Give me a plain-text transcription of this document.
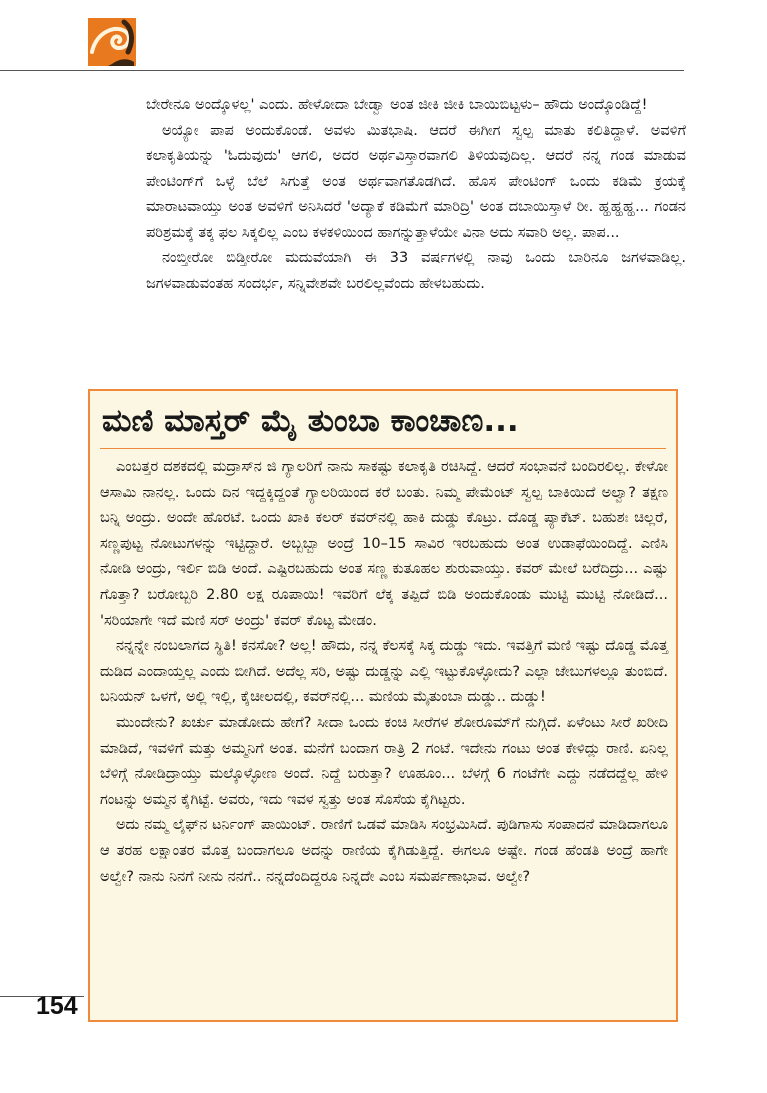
ಬೇರೇನೂ ಅಂದ್ಕೊಳಲ್ಲ' ಎಂದು. ಹೇಳೋದಾ ಬೇಡ್ವಾ ಅಂತ ಜೀಕಿ ಜೀಕಿ ಬಾಯಿಬಿಟ್ಟಳು– ಹೌದು ಅಂದ್ಕೊಂಡಿದ್ದೆ!

ಅಯ್ಯೋ ಪಾಪ ಅಂದುಕೊಂಡೆ. ಅವಳು ಮಿತಭಾಷಿ. ಆದರೆ ಈಗೀಗ ಸ್ವಲ್ಪ ಮಾತು ಕಲಿತಿದ್ದಾಳೆ. ಅವಳಿಗೆ ಕಲಾಕೃತಿಯನ್ನು 'ಓದುವುದು' ಆಗಲಿ, ಅದರ ಅರ್ಥವಿಸ್ತಾರವಾಗಲಿ ತಿಳಿಯವುದಿಲ್ಲ. ಆದರೆ ನನ್ನ ಗಂಡ ಮಾಡುವ ಪೇಂಟಿಂಗ್‌ಗೆ ಒಳ್ಳೆ ಬೆಲೆ ಸಿಗುತ್ತೆ ಅಂತ ಅರ್ಥವಾಗತೊಡಗಿದೆ. ಹೊಸ ಪೇಂಟಿಂಗ್ ಒಂದು ಕಡಿಮೆ ಕ್ರಯಕ್ಕೆ ಮಾರಾಟವಾಯ್ತು ಅಂತ ಅವಳಿಗೆ ಅನಿಸಿದರೆ 'ಅದ್ಯಾಕೆ ಕಡಿಮೆಗೆ ಮಾರಿದ್ರಿ' ಅಂತ ದಬಾಯಿಸ್ತಾಳೆ ರೀ. ಹ್ಹಹ್ಹಹ್ಹ... ಗಂಡನ ಪರಿಶ್ರಮಕ್ಕೆ ತಕ್ಕ ಫಲ ಸಿಕ್ಕಲಿಲ್ಲ ಎಂಬ ಕಳಕಳಿಯಿಂದ ಹಾಗನ್ನುತ್ತಾಳೆಯೇ ವಿನಾ ಅದು ಸವಾರಿ ಅಲ್ಲ. ಪಾಪ...

ನಂಬ್ತೀರೋ ಬಿಡ್ತೀರೋ ಮದುವೆಯಾಗಿ ಈ 33 ವರ್ಷಗಳಲ್ಲಿ ನಾವು ಒಂದು ಬಾರಿನೂ ಜಗಳವಾಡಿಲ್ಲ. ಜಗಳವಾಡುವಂತಹ ಸಂದರ್ಭ, ಸನ್ನಿವೇಶವೇ ಬರಲಿಲ್ಲವೆಂದು ಹೇಳಬಹುದು.

ಮಣಿ ಮಾಸ್ತರ್ ಮೈ ತುಂಬಾ ಕಾಂಚಾಣ...

ಎಂಬತ್ತರ ದಶಕದಲ್ಲಿ ಮದ್ರಾಸ್‌ನ ಜಿ ಗ್ಯಾಲರಿಗೆ ನಾನು ಸಾಕಷ್ಟು ಕಲಾಕೃತಿ ರಚಿಸಿದ್ದೆ. ಆದರೆ ಸಂಭಾವನೆ ಬಂದಿರಲಿಲ್ಲ. ಕೇಳೋ ಆಸಾಮಿ ನಾನಲ್ಲ. ಒಂದು ದಿನ ಇದ್ದಕ್ಕಿದ್ದಂತೆ ಗ್ಯಾಲರಿಯಿಂದ ಕರೆ ಬಂತು. ನಿಮ್ಮ ಪೇಮೆಂಟ್ ಸ್ವಲ್ಪ ಬಾಕಿಯಿದೆ ಅಲ್ವಾ? ತಕ್ಷಣ ಬನ್ನಿ ಅಂದ್ರು. ಅಂದೇ ಹೊರಟೆ. ಒಂದು ಖಾಕಿ ಕಲರ್ ಕವರ್‌ನಲ್ಲಿ ಹಾಕಿ ದುಡ್ಡು ಕೊಟ್ರು. ದೊಡ್ಡ ಪ್ಯಾಕೆಟ್. ಬಹುಶಃ ಚಿಲ್ಲರೆ, ಸಣ್ಣಪುಟ್ಟ ನೋಟುಗಳನ್ನು ಇಟ್ಟಿದ್ದಾರೆ. ಅಬ್ಬಬ್ಬಾ ಅಂದ್ರೆ 10–15 ಸಾವಿರ ಇರಬಹುದು ಅಂತ ಉಡಾಫೆಯಿಂದಿದ್ದೆ. ಎಣಿಸಿ ನೋಡಿ ಅಂದ್ರು, ಇರ್ಲಿ ಬಿಡಿ ಅಂದೆ. ಎಷ್ಟಿರಬಹುದು ಅಂತ ಸಣ್ಣ ಕುತೂಹಲ ಶುರುವಾಯ್ತು. ಕವರ್ ಮೇಲೆ ಬರೆದಿದ್ರು... ಎಷ್ಟು ಗೊತ್ತಾ? ಬರೋಬ್ಬರಿ 2.80 ಲಕ್ಷ ರೂಪಾಯಿ! ಇವರಿಗೆ ಲೆಕ್ಕ ತಪ್ಪಿದೆ ಬಿಡಿ ಅಂದುಕೊಂಡು ಮುಟ್ಟಿ ಮುಟ್ಟಿ ನೋಡಿದೆ... 'ಸರಿಯಾಗೇ ಇದೆ ಮಣಿ ಸರ್ ಅಂದ್ರು' ಕವರ್ ಕೊಟ್ಟ ಮೇಡಂ.

ನನ್ನನ್ನೇ ನಂಬಲಾಗದ ಸ್ಥಿತಿ! ಕನಸೋ? ಅಲ್ಲ! ಹೌದು, ನನ್ನ ಕೆಲಸಕ್ಕೆ ಸಿಕ್ಕ ದುಡ್ಡು ಇದು. ಇವತ್ತಿಗೆ ಮಣಿ ಇಷ್ಟು ದೊಡ್ಡ ಮೊತ್ತ ದುಡಿದ ಎಂದಾಯ್ತಲ್ಲ ಎಂದು ಬೀಗಿದೆ. ಅದೆಲ್ಲ ಸರಿ, ಅಷ್ಟು ದುಡ್ಡನ್ನು ಎಲ್ಲಿ ಇಟ್ಟುಕೊಳ್ಳೋದು? ಎಲ್ಲಾ ಜೇಬುಗಳಲ್ಲೂ ತುಂಬಿದೆ. ಬನಿಯನ್ ಒಳಗೆ, ಅಲ್ಲಿ ಇಲ್ಲಿ, ಕೈಚೀಲದಲ್ಲಿ, ಕವರ್‌ನಲ್ಲಿ... ಮಣಿಯ ಮೈತುಂಬಾ ದುಡ್ಡು.. ದುಡ್ಡು!

ಮುಂದೇನು? ಖರ್ಚು ಮಾಡೋದು ಹೇಗೆ? ಸೀದಾ ಒಂದು ಕಂಚಿ ಸೀರೆಗಳ ಶೋರೂಮ್‌ಗೆ ನುಗ್ಗಿದೆ. ಏಳೆಂಟು ಸೀರೆ ಖರೀದಿ ಮಾಡಿದೆ, ಇವಳಿಗೆ ಮತ್ತು ಅಮ್ಮನಿಗೆ ಅಂತ. ಮನೆಗೆ ಬಂದಾಗ ರಾತ್ರಿ 2 ಗಂಟೆ. ಇದೇನು ಗಂಟು ಅಂತ ಕೇಳಿದ್ಲು ರಾಣಿ. ಏನಿಲ್ಲ ಬೆಳಿಗ್ಗೆ ನೋಡಿದ್ರಾಯ್ತು ಮಲ್ಕೊಳ್ಳೋಣ ಅಂದೆ. ನಿದ್ದೆ ಬರುತ್ತಾ? ಊಹೂಂ... ಬೆಳಗ್ಗೆ 6 ಗಂಟೆಗೇ ಎದ್ದು ನಡೆದದ್ದೆಲ್ಲ ಹೇಳಿ ಗಂಟನ್ನು ಅಮ್ಮನ ಕೈಗಿಟ್ಟೆ. ಅವರು, ಇದು ಇವಳ ಸ್ವತ್ತು ಅಂತ ಸೊಸೆಯ ಕೈಗಿಟ್ಟರು.

ಅದು ನಮ್ಮ ಲೈಫ್‌ನ ಟರ್ನಿಂಗ್ ಪಾಯಿಂಟ್. ರಾಣಿಗೆ ಒಡವೆ ಮಾಡಿಸಿ ಸಂಭ್ರಮಿಸಿದೆ. ಪುಡಿಗಾಸು ಸಂಪಾದನೆ ಮಾಡಿದಾಗಲೂ ಆ ತರಹ ಲಕ್ಷಾಂತರ ಮೊತ್ತ ಬಂದಾಗಲೂ ಅದನ್ನು ರಾಣಿಯ ಕೈಗಿಡುತ್ತಿದ್ದೆ. ಈಗಲೂ ಅಷ್ಟೇ. ಗಂಡ ಹೆಂಡತಿ ಅಂದ್ರೆ ಹಾಗೇ ಅಲ್ವೇ? ನಾನು ನಿನಗೆ ನೀನು ನನಗೆ.. ನನ್ನದೆಂದಿದ್ದರೂ ನಿನ್ನದೇ ಎಂಬ ಸಮರ್ಪಣಾಭಾವ. ಅಲ್ವೇ?

154
